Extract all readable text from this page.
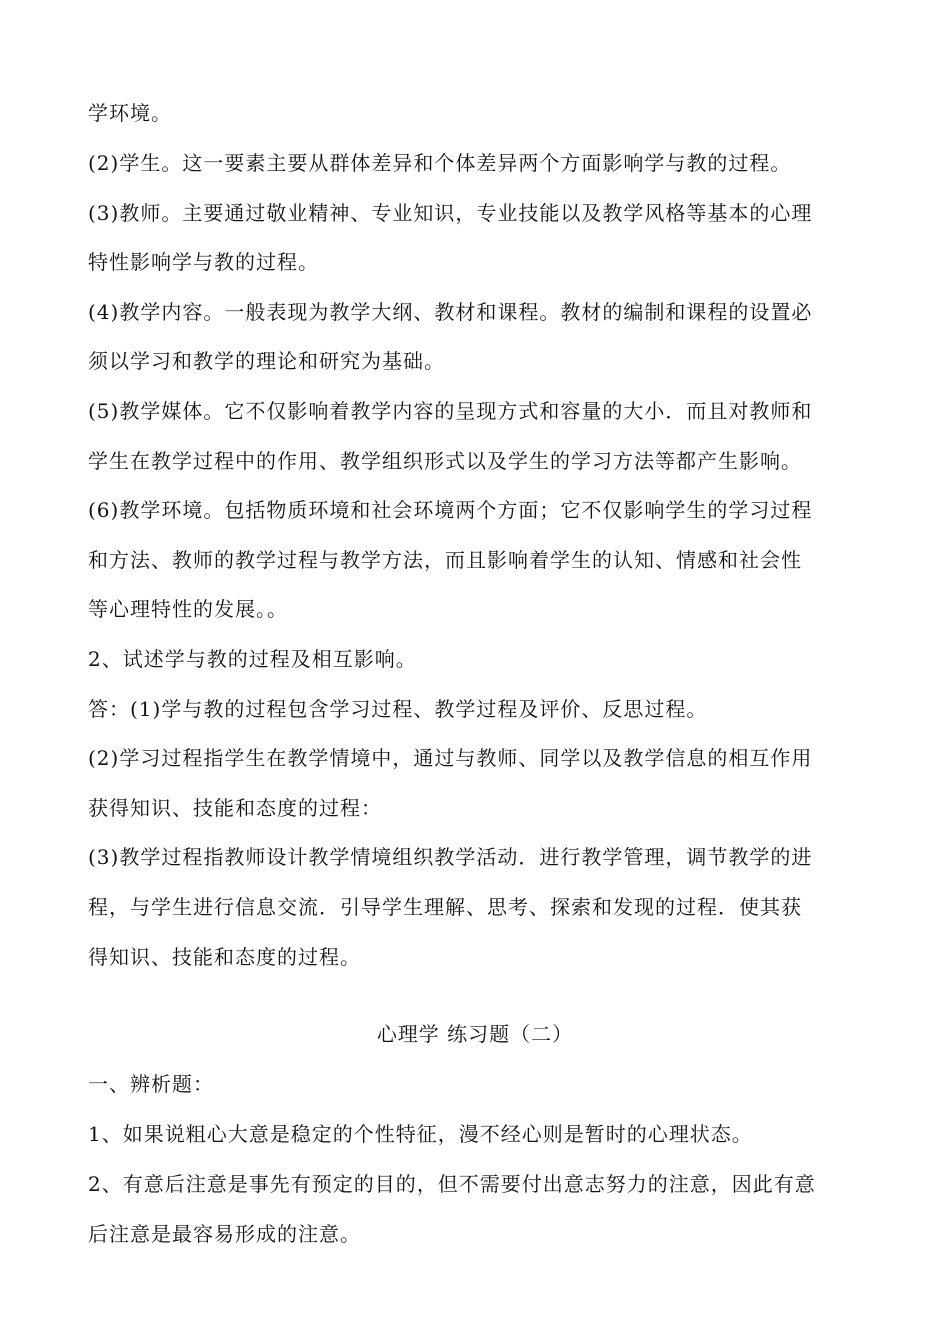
学环境。

(2)学生。这一要素主要从群体差异和个体差异两个方面影响学与教的过程。

(3)教师。主要通过敬业精神、专业知识，专业技能以及教学风格等基本的心理

特性影响学与教的过程。

(4)教学内容。一般表现为教学大纲、教材和课程。教材的编制和课程的设置必

须以学习和教学的理论和研究为基础。

(5)教学媒体。它不仅影响着教学内容的呈现方式和容量的大小．而且对教师和

学生在教学过程中的作用、教学组织形式以及学生的学习方法等都产生影响。

(6)教学环境。包括物质环境和社会环境两个方面；它不仅影响学生的学习过程

和方法、教师的教学过程与教学方法，而且影响着学生的认知、情感和社会性

等心理特性的发展。。

2、试述学与教的过程及相互影响。

答：(1)学与教的过程包含学习过程、教学过程及评价、反思过程。

(2)学习过程指学生在教学情境中，通过与教师、同学以及教学信息的相互作用

获得知识、技能和态度的过程：

(3)教学过程指教师设计教学情境组织教学活动．进行教学管理，调节教学的进

程，与学生进行信息交流．引导学生理解、思考、探索和发现的过程．使其获

得知识、技能和态度的过程。

心理学 练习题（二）

一、辨析题：

1、如果说粗心大意是稳定的个性特征，漫不经心则是暂时的心理状态。

2、有意后注意是事先有预定的目的，但不需要付出意志努力的注意，因此有意

后注意是最容易形成的注意。
